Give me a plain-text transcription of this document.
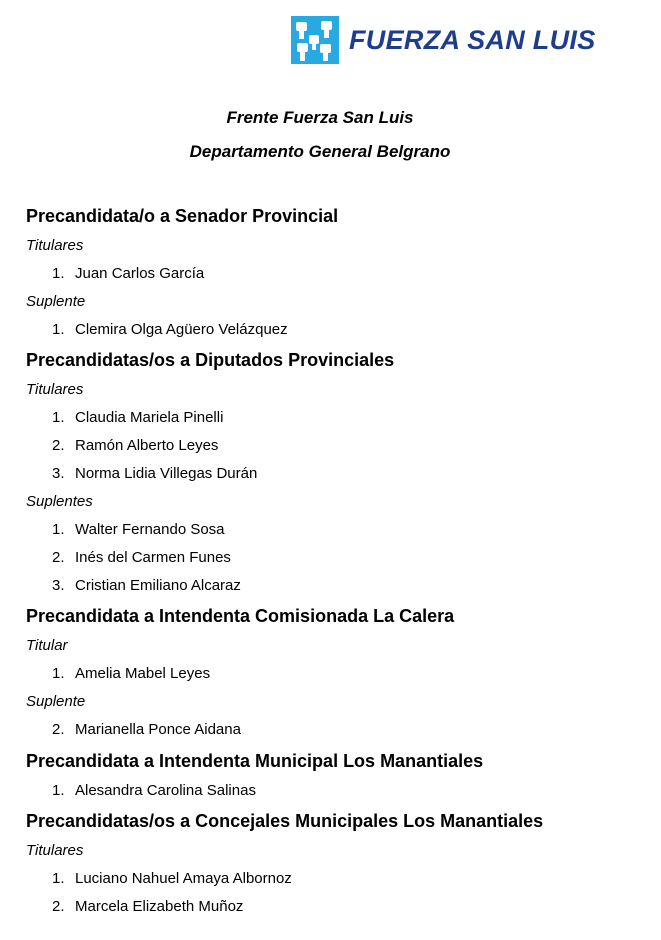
FUERZA SAN LUIS
Frente Fuerza San Luis
Departamento General Belgrano
Precandidata/o a Senador Provincial
Titulares
1. Juan Carlos García
Suplente
1. Clemira Olga Agüero Velázquez
Precandidatas/os a Diputados Provinciales
Titulares
1. Claudia Mariela Pinelli
2. Ramón Alberto Leyes
3. Norma Lidia Villegas Durán
Suplentes
1. Walter Fernando Sosa
2. Inés del Carmen Funes
3. Cristian Emiliano Alcaraz
Precandidata a Intendenta Comisionada La Calera
Titular
1. Amelia Mabel Leyes
Suplente
2. Marianella Ponce Aidana
Precandidata a Intendenta Municipal Los Manantiales
1. Alesandra Carolina Salinas
Precandidatas/os a Concejales Municipales Los Manantiales
Titulares
1. Luciano Nahuel Amaya Albornoz
2. Marcela Elizabeth Muñoz
